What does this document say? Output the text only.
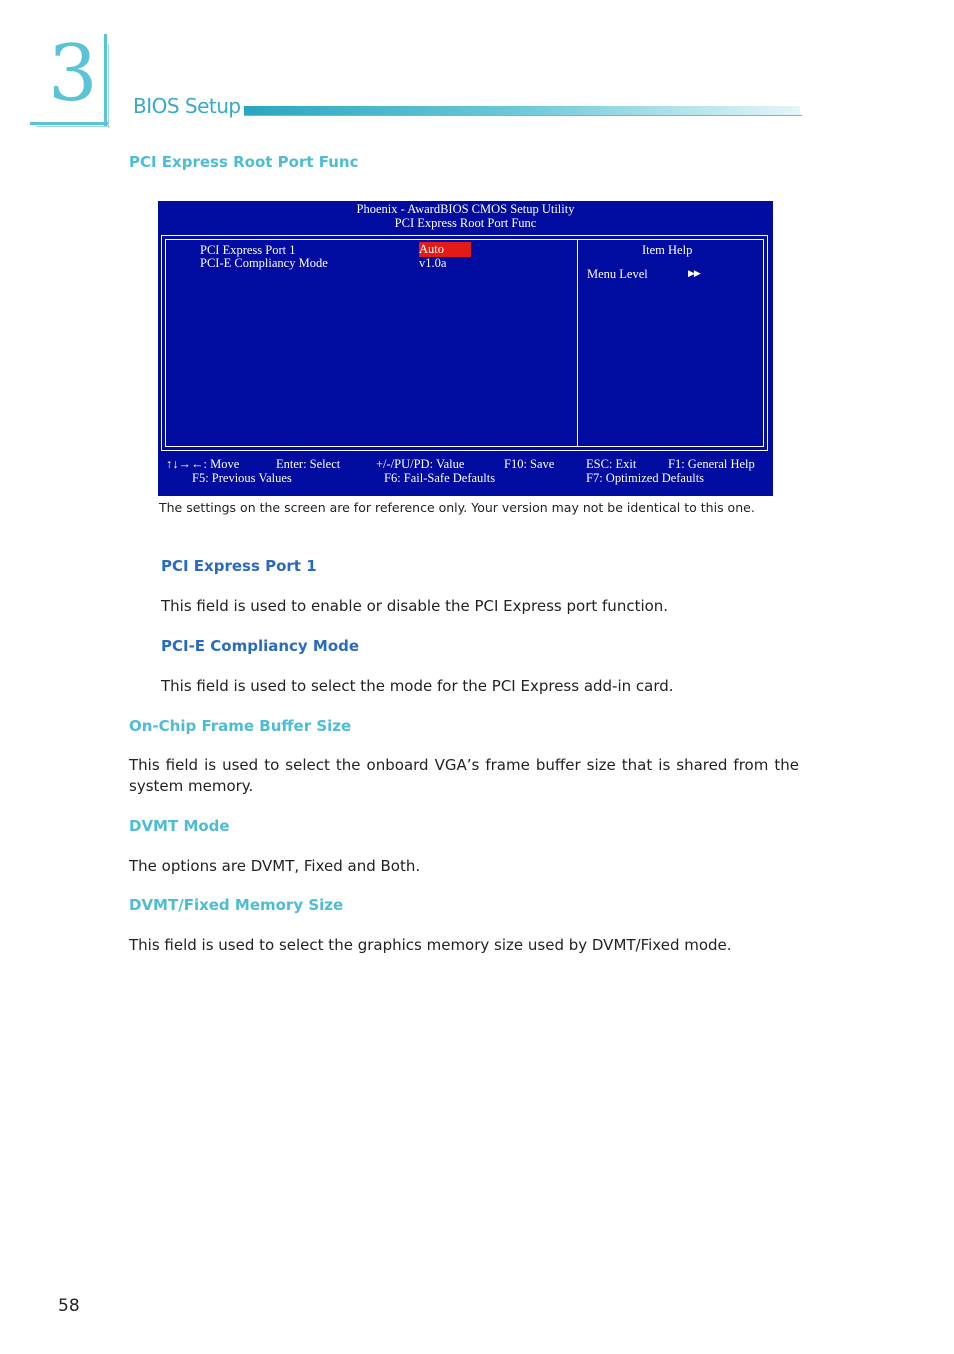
3 BIOS Setup
PCI Express Root Port Func
Phoenix - AwardBIOS CMOS Setup Utility
PCI Express Root Port Func
PCI Express Port 1	Auto
PCI-E Compliancy Mode	v1.0a
Item Help
Menu Level	▶▶
↑↓→←: Move	Enter: Select	+/-/PU/PD: Value	F10: Save	ESC: Exit	F1: General Help
F5: Previous Values	F6: Fail-Safe Defaults	F7: Optimized Defaults
The settings on the screen are for reference only. Your version may not be identical to this one.
PCI Express Port 1
This field is used to enable or disable the PCI Express port function.
PCI-E Compliancy Mode
This field is used to select the mode for the PCI Express add-in card.
On-Chip Frame Buffer Size
This field is used to select the onboard VGA’s frame buffer size that is shared from the system memory.
DVMT Mode
The options are DVMT, Fixed and Both.
DVMT/Fixed Memory Size
This field is used to select the graphics memory size used by DVMT/Fixed mode.
58
